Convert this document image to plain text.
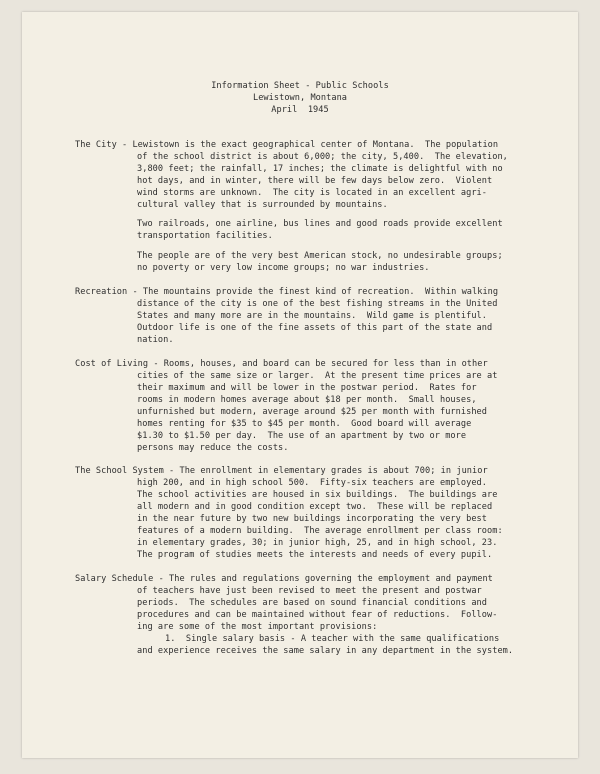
Information Sheet - Public Schools
Lewistown, Montana
April  1945
The City - Lewistown is the exact geographical center of Montana.  The population
of the school district is about 6,000; the city, 5,400.  The elevation,
3,800 feet; the rainfall, 17 inches; the climate is delightful with no
hot days, and in winter, there will be few days below zero.  Violent
wind storms are unknown.  The city is located in an excellent agri-
cultural valley that is surrounded by mountains.
Two railroads, one airline, bus lines and good roads provide excellent
transportation facilities.
The people are of the very best American stock, no undesirable groups;
no poverty or very low income groups; no war industries.
Recreation - The mountains provide the finest kind of recreation.  Within walking
distance of the city is one of the best fishing streams in the United
States and many more are in the mountains.  Wild game is plentiful.
Outdoor life is one of the fine assets of this part of the state and
nation.
Cost of Living - Rooms, houses, and board can be secured for less than in other
cities of the same size or larger.  At the present time prices are at
their maximum and will be lower in the postwar period.  Rates for
rooms in modern homes average about $18 per month.  Small houses,
unfurnished but modern, average around $25 per month with furnished
homes renting for $35 to $45 per month.  Good board will average
$1.30 to $1.50 per day.  The use of an apartment by two or more
persons may reduce the costs.
The School System - The enrollment in elementary grades is about 700; in junior
high 200, and in high school 500.  Fifty-six teachers are employed.
The school activities are housed in six buildings.  The buildings are
all modern and in good condition except two.  These will be replaced
in the near future by two new buildings incorporating the very best
features of a modern building.  The average enrollment per class room:
in elementary grades, 30; in junior high, 25, and in high school, 23.
The program of studies meets the interests and needs of every pupil.
Salary Schedule - The rules and regulations governing the employment and payment
of teachers have just been revised to meet the present and postwar
periods.  The schedules are based on sound financial conditions and
procedures and can be maintained without fear of reductions.  Follow-
ing are some of the most important provisions:
1.  Single salary basis - A teacher with the same qualifications
and experience receives the same salary in any department in the system.
